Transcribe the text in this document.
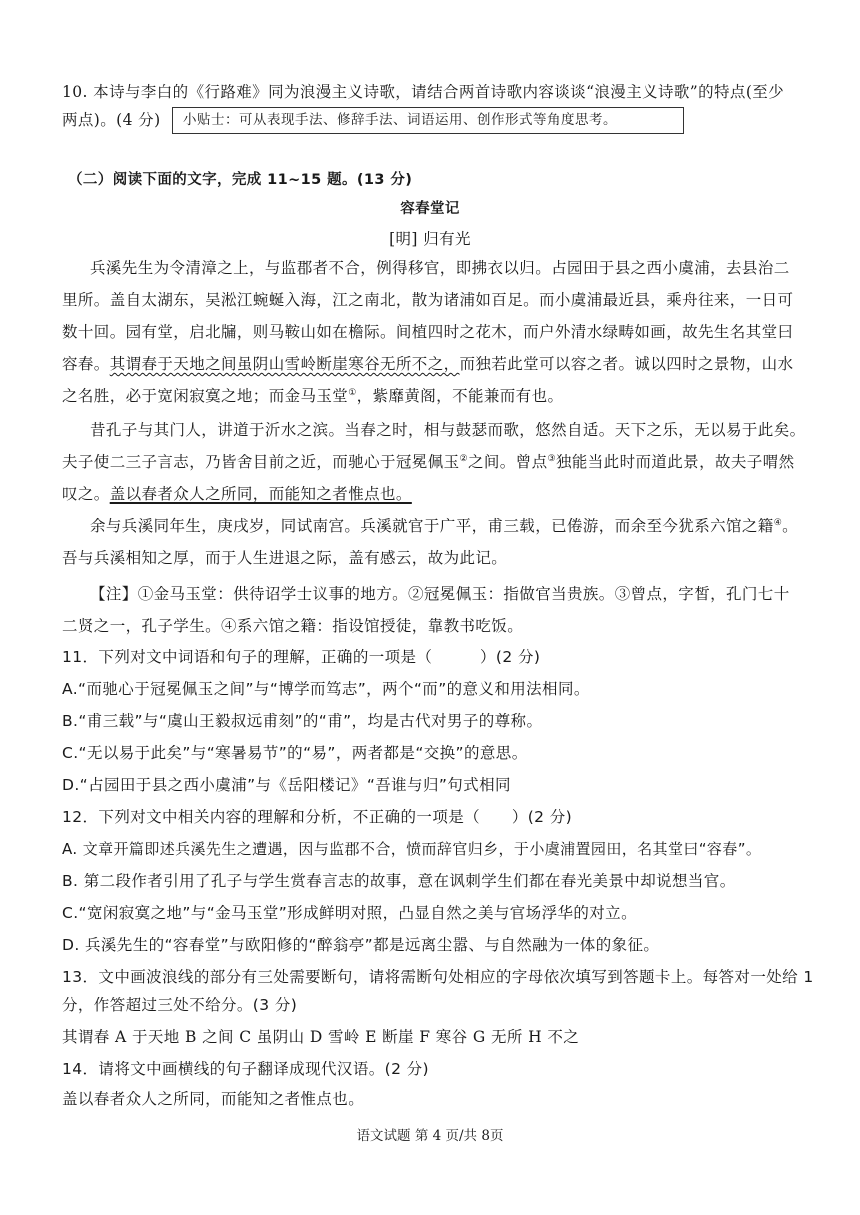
10. 本诗与李白的《行路难》同为浪漫主义诗歌，请结合两首诗歌内容谈谈“浪漫主义诗歌”的特点(至少
两点)。(4 分)	小贴士：可从表现手法、修辞手法、词语运用、创作形式等角度思考。
（二）阅读下面的文字，完成 11~15 题。(13 分)
容春堂记
[明] 归有光
兵溪先生为令清漳之上，与监郡者不合，例得移官，即拂衣以归。占园田于县之西小虞浦，去县治二
里所。盖自太湖东，吴淞江蜿蜒入海，江之南北，散为诸浦如百足。而小虞浦最近县，乘舟往来，一日可
数十回。园有堂，启北牖，则马鞍山如在檐际。间植四时之花木，而户外清水绿畴如画，故先生名其堂曰
容春。其谓春于天地之间虽阴山雪岭断崖寒谷无所不之，而独若此堂可以容之者。诚以四时之景物，山水
之名胜，必于宽闲寂寞之地；而金马玉堂①，紫靡黄阁，不能兼而有也。
昔孔子与其门人，讲道于沂水之滨。当春之时，相与鼓瑟而歌，悠然自适。天下之乐，无以易于此矣。
夫子使二三子言志，乃皆舍目前之近，而驰心于冠冕佩玉②之间。曾点③独能当此时而道此景，故夫子喟然
叹之。盖以春者众人之所同，而能知之者惟点也。
余与兵溪同年生，庚戌岁，同试南宫。兵溪就官于广平，甫三载，已倦游，而余至今犹系六馆之籍④。
吾与兵溪相知之厚，而于人生进退之际，盖有感云，故为此记。
【注】①金马玉堂：供待诏学士议事的地方。②冠冕佩玉：指做官当贵族。③曾点，字皙，孔门七十
二贤之一，孔子学生。④系六馆之籍：指设馆授徒，靠教书吃饭。
11．下列对文中词语和句子的理解，正确的一项是（　　　）(2 分)
A.“而驰心于冠冕佩玉之间”与“博学而笃志”，两个“而”的意义和用法相同。
B.“甫三载”与“虞山王毅叔远甫刻”的“甫”，均是古代对男子的尊称。
C.“无以易于此矣”与“寒暑易节”的“易”，两者都是“交换”的意思。
D.“占园田于县之西小虞浦”与《岳阳楼记》“吾谁与归”句式相同
12．下列对文中相关内容的理解和分析，不正确的一项是（　　）(2 分)
A. 文章开篇即述兵溪先生之遭遇，因与监郡不合，愤而辞官归乡，于小虞浦置园田，名其堂曰“容春”。
B. 第二段作者引用了孔子与学生赏春言志的故事，意在讽刺学生们都在春光美景中却说想当官。
C.“宽闲寂寞之地”与“金马玉堂”形成鲜明对照，凸显自然之美与官场浮华的对立。
D. 兵溪先生的“容春堂”与欧阳修的“醉翁亭”都是远离尘嚣、与自然融为一体的象征。
13．文中画波浪线的部分有三处需要断句，请将需断句处相应的字母依次填写到答题卡上。每答对一处给 1
分，作答超过三处不给分。(3 分)
其谓春 A 于天地 B 之间 C 虽阴山 D 雪岭 E 断崖 F 寒谷 G 无所 H 不之
14．请将文中画横线的句子翻译成现代汉语。(2 分)
盖以春者众人之所同，而能知之者惟点也。
语文试题 第 4 页/共 8页
